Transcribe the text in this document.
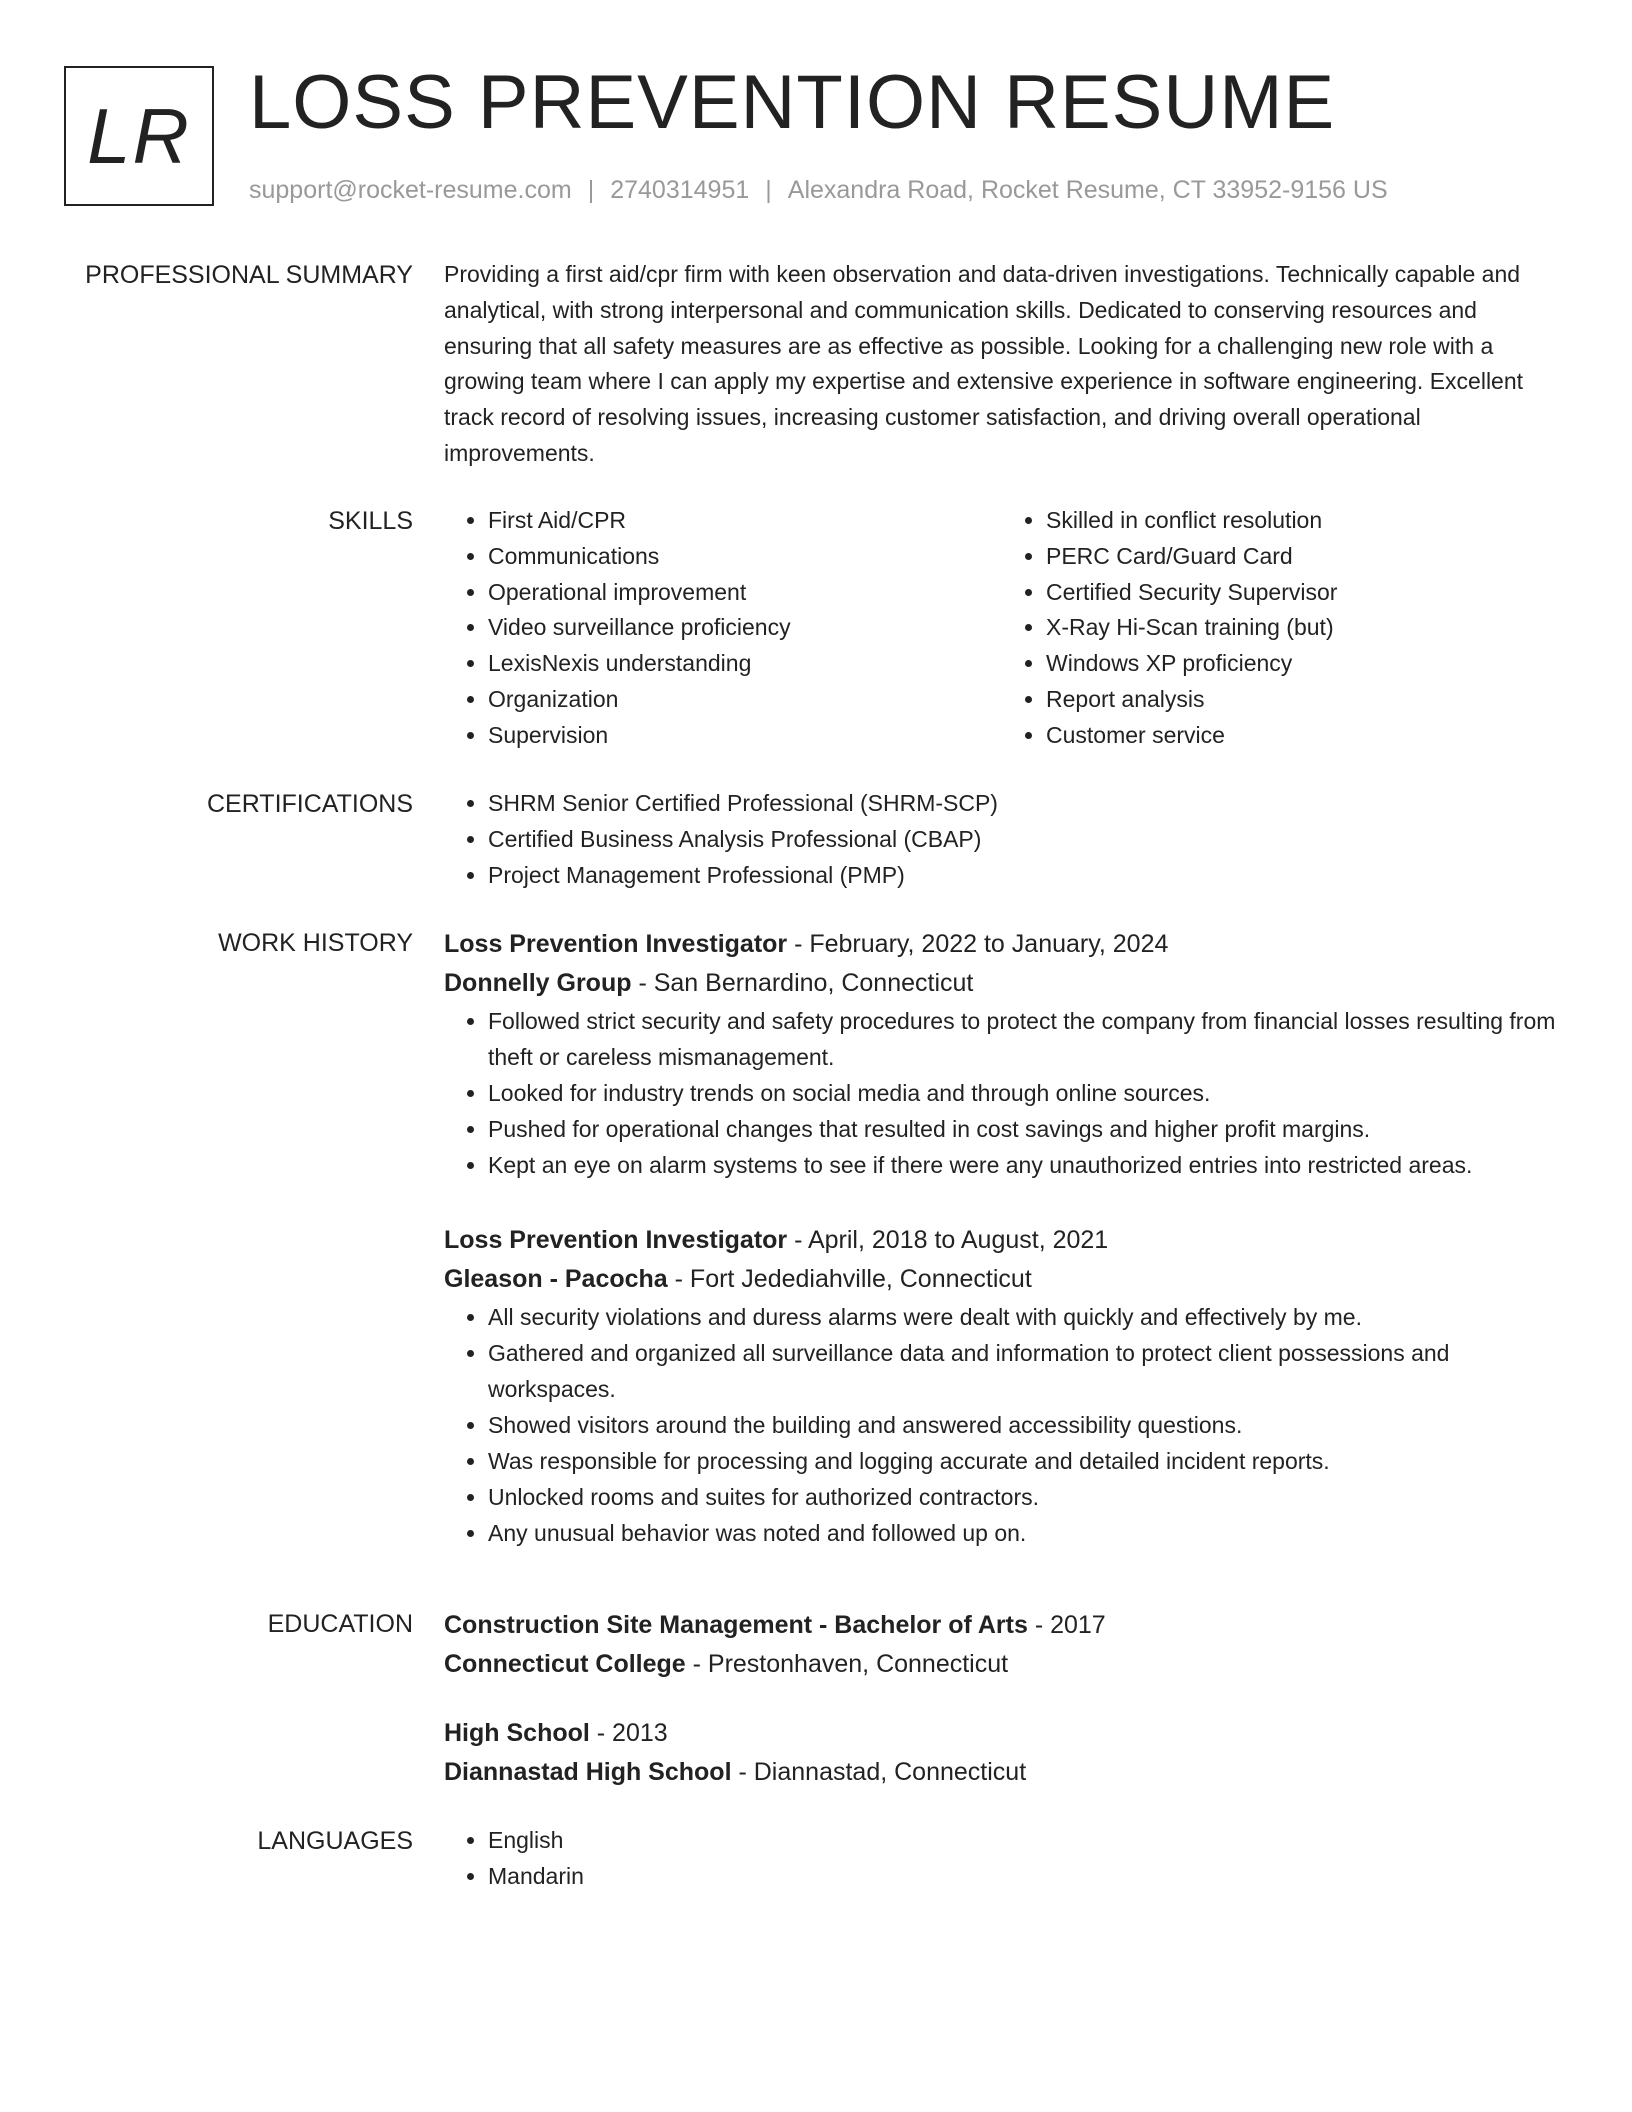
LR LOSS PREVENTION RESUME
support@rocket-resume.com | 2740314951 | Alexandra Road, Rocket Resume, CT 33952-9156 US
PROFESSIONAL SUMMARY Providing a first aid/cpr firm with keen observation and data-driven investigations. Technically capable and analytical, with strong interpersonal and communication skills. Dedicated to conserving resources and ensuring that all safety measures are as effective as possible. Looking for a challenging new role with a growing team where I can apply my expertise and extensive experience in software engineering. Excellent track record of resolving issues, increasing customer satisfaction, and driving overall operational improvements.

SKILLS	• First Aid/CPR
• Communications
• Operational improvement
• Video surveillance proficiency
• LexisNexis understanding
• Organization
• Supervision
• Skilled in conflict resolution
• PERC Card/Guard Card
• Certified Security Supervisor
• X-Ray Hi-Scan training (but)
• Windows XP proficiency
• Report analysis
• Customer service
CERTIFICATIONS	• SHRM Senior Certified Professional (SHRM-SCP)
• Certified Business Analysis Professional (CBAP)
• Project Management Professional (PMP)
WORK HISTORY Loss Prevention Investigator - February, 2022 to January, 2024
Donnelly Group - San Bernardino, Connecticut
• Followed strict security and safety procedures to protect the company from financial losses resulting from theft or careless mismanagement.
• Looked for industry trends on social media and through online sources.
• Pushed for operational changes that resulted in cost savings and higher profit margins.
• Kept an eye on alarm systems to see if there were any unauthorized entries into restricted areas.
Loss Prevention Investigator - April, 2018 to August, 2021
Gleason - Pacocha - Fort Jedediahville, Connecticut
• All security violations and duress alarms were dealt with quickly and effectively by me.
• Gathered and organized all surveillance data and information to protect client possessions and workspaces.
• Showed visitors around the building and answered accessibility questions.
• Was responsible for processing and logging accurate and detailed incident reports.
• Unlocked rooms and suites for authorized contractors.
• Any unusual behavior was noted and followed up on.
EDUCATION Construction Site Management - Bachelor of Arts - 2017
Connecticut College - Prestonhaven, Connecticut
High School - 2013
Diannastad High School - Diannastad, Connecticut
LANGUAGES	• English
• Mandarin
